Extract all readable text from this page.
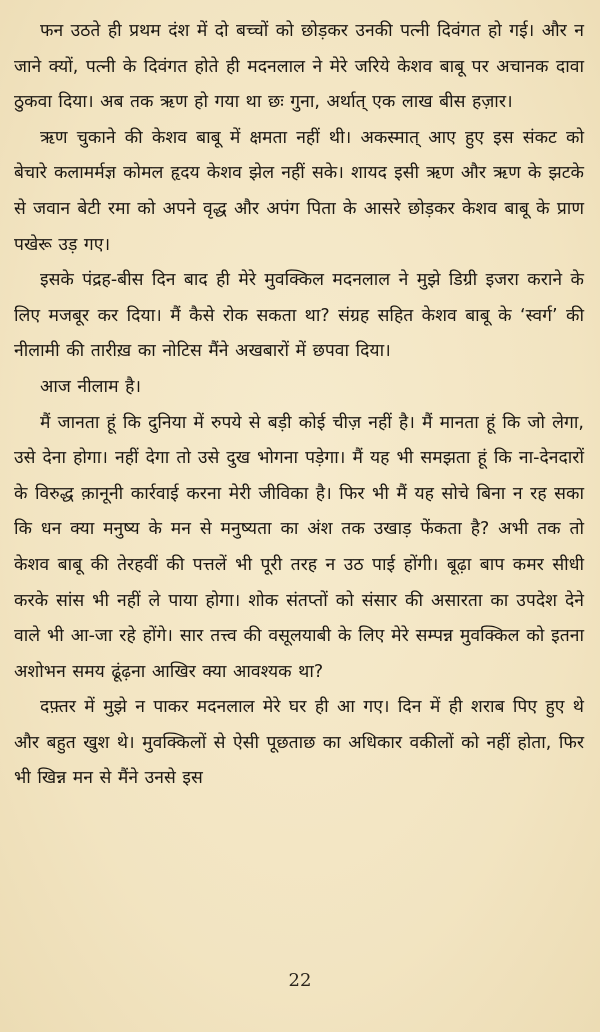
फन उठते ही प्रथम दंश में दो बच्चों को छोड़कर उनकी पत्नी दिवंगत हो गई। और न जाने क्यों, पत्नी के दिवंगत होते ही मदनलाल ने मेरे जरिये केशव बाबू पर अचानक दावा ठुकवा दिया। अब तक ऋण हो गया था छः गुना, अर्थात् एक लाख बीस हज़ार।

ऋण चुकाने की केशव बाबू में क्षमता नहीं थी। अकस्मात् आए हुए इस संकट को बेचारे कलामर्मज्ञ कोमल हृदय केशव झेल नहीं सके। शायद इसी ऋण और ऋण के झटके से जवान बेटी रमा को अपने वृद्ध और अपंग पिता के आसरे छोड़कर केशव बाबू के प्राण पखेरू उड़ गए।

इसके पंद्रह-बीस दिन बाद ही मेरे मुवक्किल मदनलाल ने मुझे डिग्री इजरा कराने के लिए मजबूर कर दिया। मैं कैसे रोक सकता था? संग्रह सहित केशव बाबू के ‘स्वर्ग’ की नीलामी की तारीख़ का नोटिस मैंने अखबारों में छपवा दिया।

आज नीलाम है।

मैं जानता हूं कि दुनिया में रुपये से बड़ी कोई चीज़ नहीं है। मैं मानता हूं कि जो लेगा, उसे देना होगा। नहीं देगा तो उसे दुख भोगना पड़ेगा। मैं यह भी समझता हूं कि ना-देनदारों के विरुद्ध क़ानूनी कार्रवाई करना मेरी जीविका है। फिर भी मैं यह सोचे बिना न रह सका कि धन क्या मनुष्य के मन से मनुष्यता का अंश तक उखाड़ फेंकता है? अभी तक तो केशव बाबू की तेरहवीं की पत्तलें भी पूरी तरह न उठ पाई होंगी। बूढ़ा बाप कमर सीधी करके सांस भी नहीं ले पाया होगा। शोक संतप्तों को संसार की असारता का उपदेश देने वाले भी आ-जा रहे होंगे। सार तत्त्व की वसूलयाबी के लिए मेरे सम्पन्न मुवक्किल को इतना अशोभन समय ढूंढ़ना आखिर क्या आवश्यक था?

दफ़्तर में मुझे न पाकर मदनलाल मेरे घर ही आ गए। दिन में ही शराब पिए हुए थे और बहुत खुश थे। मुवक्किलों से ऐसी पूछताछ का अधिकार वकीलों को नहीं होता, फिर भी खिन्न मन से मैंने उनसे इस

22
